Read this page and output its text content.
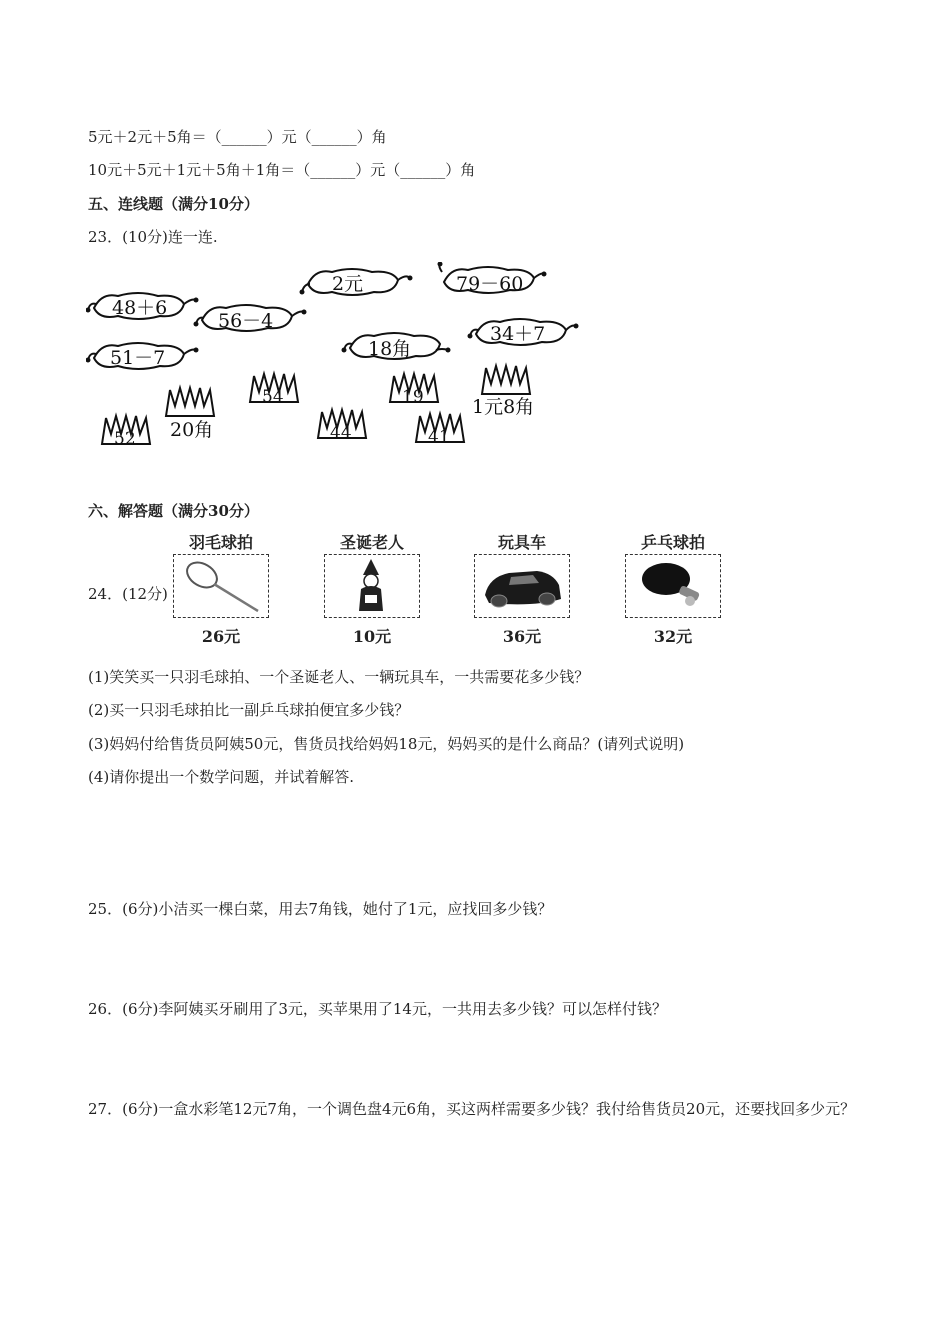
5元＋2元＋5角＝（______）元（______）角
10元＋5元＋1元＋5角＋1角＝（______）元（______）角
五、连线题（满分10分）
23．(10分)连一连.
48＋6
56－4
51－7
2元	79－60
18角
34＋7
54	19
52	44	41
20角
1元8角
六、解答题（满分30分）
24．(12分)
羽毛球拍
26元
圣诞老人
10元
玩具车
36元
乒乓球拍
32元
(1)笑笑买一只羽毛球拍、一个圣诞老人、一辆玩具车，一共需要花多少钱？
(2)买一只羽毛球拍比一副乒乓球拍便宜多少钱？
(3)妈妈付给售货员阿姨50元，售货员找给妈妈18元，妈妈买的是什么商品？(请列式说明)
(4)请你提出一个数学问题，并试着解答.
25．(6分)小洁买一棵白菜，用去7角钱，她付了1元，应找回多少钱？
26．(6分)李阿姨买牙刷用了3元，买苹果用了14元，一共用去多少钱？可以怎样付钱？
27．(6分)一盒水彩笔12元7角，一个调色盘4元6角，买这两样需要多少钱？我付给售货员20元，还要找回多少元？
